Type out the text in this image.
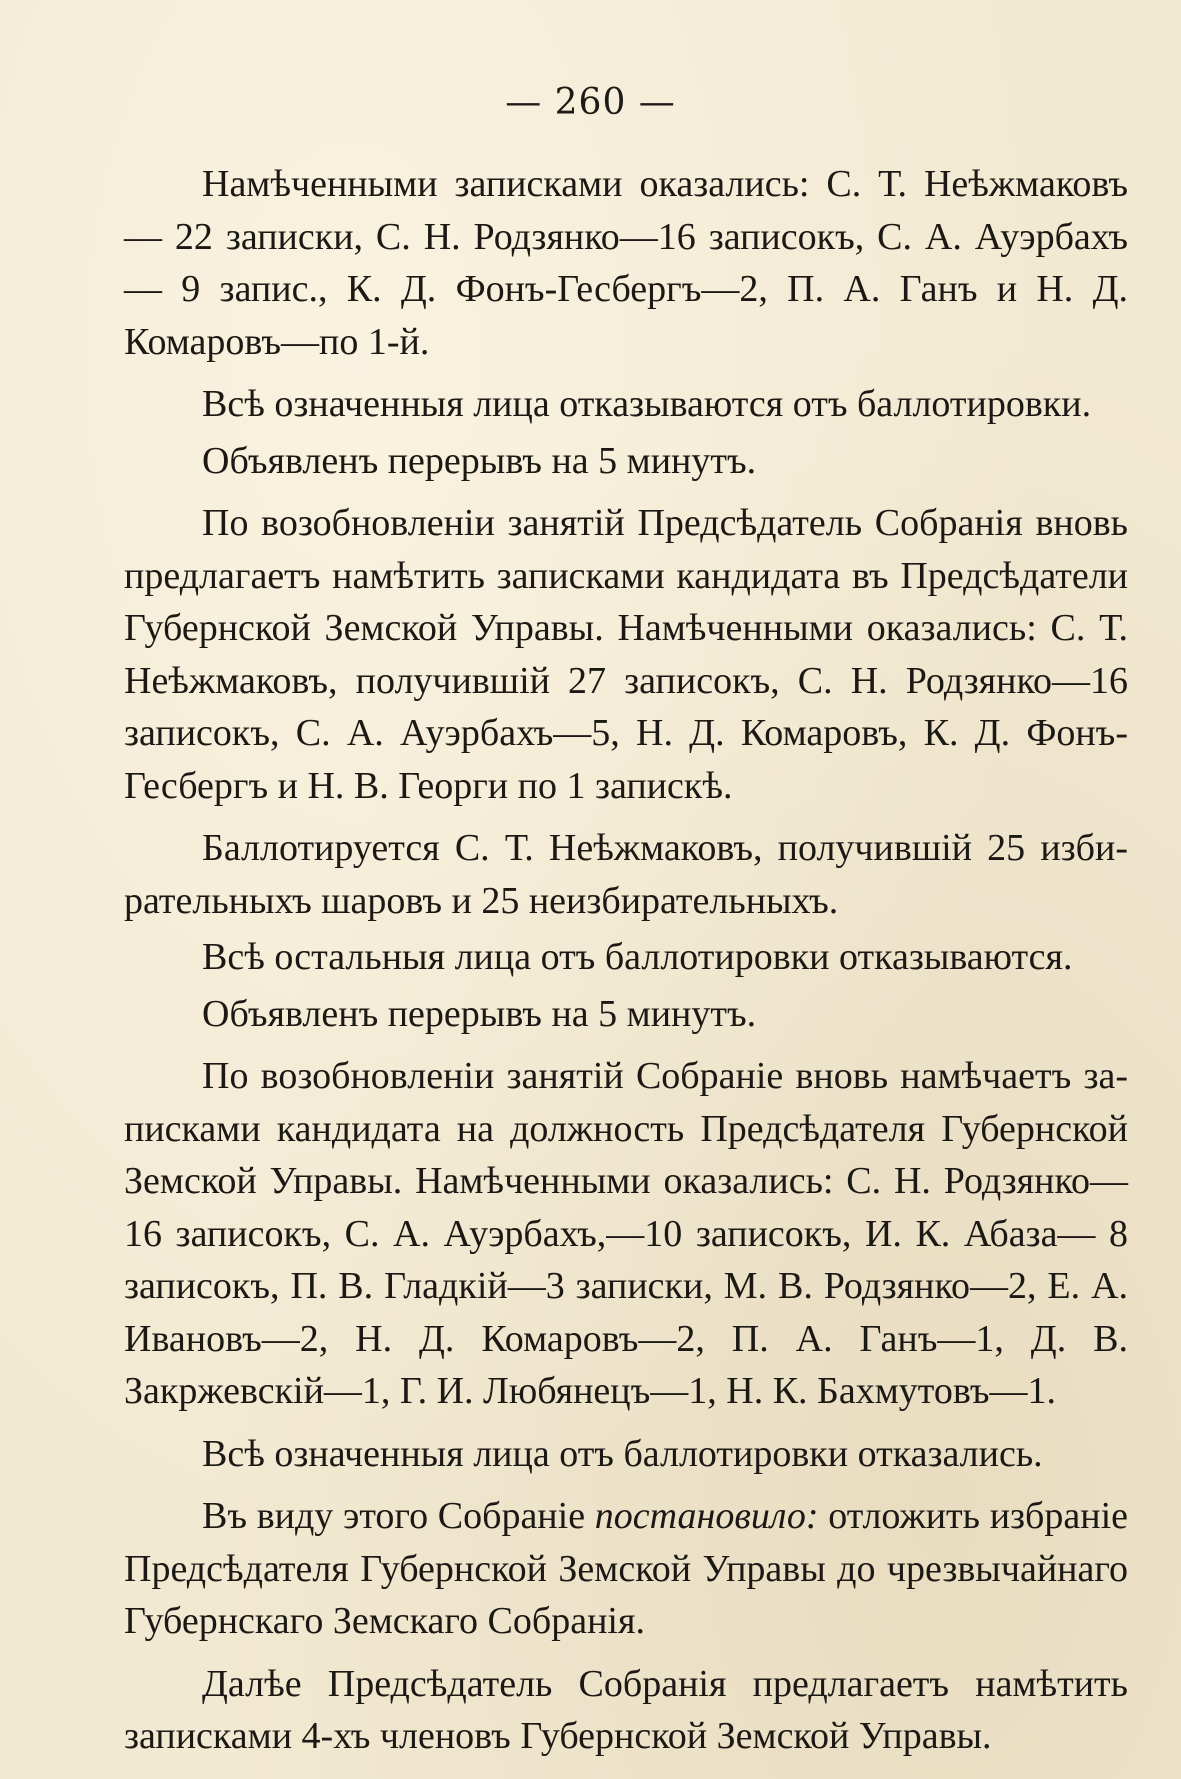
— 260 —

Намѣченными записками оказались: С. Т. Неѣжмаковъ— 22 записки, С. Н. Родзянко—16 записокъ, С. А. Ауэрбахъ— 9 запис., К. Д. Фонъ-Гесбергъ—2, П. А. Ганъ и Н. Д. Комаровъ—по 1-й.

Всѣ означенныя лица отказываются отъ баллотировки.

Объявленъ перерывъ на 5 минутъ.

По возобновленіи занятій Предсѣдатель Собранія вновь предлагаетъ намѣтить записками кандидата въ Предсѣдатели Губернской Земской Управы. Намѣченными оказались: С. Т. Неѣжмаковъ, получившій 27 записокъ, С. Н. Родзянко—16 записокъ, С. А. Ауэрбахъ—5, Н. Д. Комаровъ, К. Д. Фонъ-Гесбергъ и Н. В. Георги по 1 запискѣ.

Баллотируется С. Т. Неѣжмаковъ, получившій 25 избирательныхъ шаровъ и 25 неизбирательныхъ.

Всѣ остальныя лица отъ баллотировки отказываются.

Объявленъ перерывъ на 5 минутъ.

По возобновленіи занятій Собраніе вновь намѣчаетъ записками кандидата на должность Предсѣдателя Губернской Земской Управы. Намѣченными оказались: С. Н. Родзянко— 16 записокъ, С. А. Ауэрбахъ,—10 записокъ, И. К. Абаза— 8 записокъ, П. В. Гладкій—3 записки, М. В. Родзянко—2, Е. А. Ивановъ—2, Н. Д. Комаровъ—2, П. А. Ганъ—1, Д. В. Закржевскій—1, Г. И. Любянецъ—1, Н. К. Бахмутовъ—1.

Всѣ означенныя лица отъ баллотировки отказались.

Въ виду этого Собраніе постановило: отложить избраніе Предсѣдателя Губернской Земской Управы до чрезвычайнаго Губернскаго Земскаго Собранія.

Далѣе Предсѣдатель Собранія предлагаетъ намѣтить записками 4-хъ членовъ Губернской Земской Управы.
